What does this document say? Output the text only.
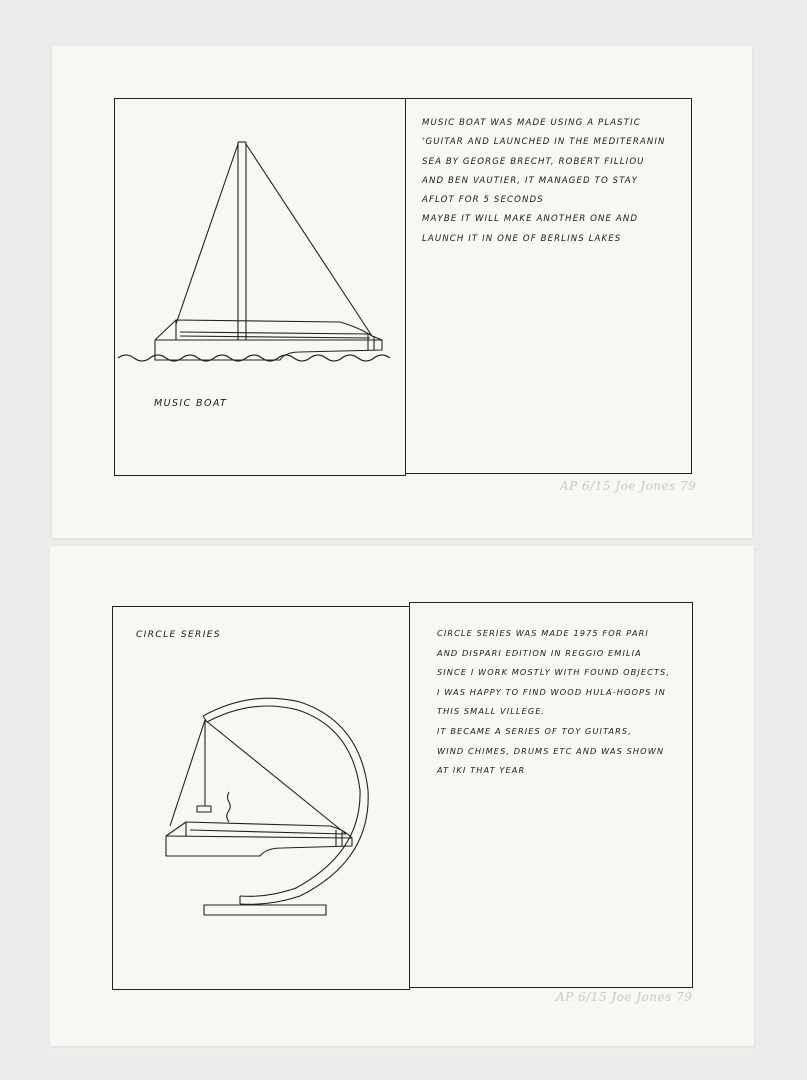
MUSIC BOAT
MUSIC BOAT WAS MADE USING A PLASTIC
'GUITAR AND LAUNCHED IN THE MEDITERANIN
SEA BY GEORGE BRECHT, ROBERT FILLIOU
AND BEN VAUTIER, IT MANAGED TO STAY
AFLOT FOR 5 SECONDS
MAYBE IT WILL MAKE ANOTHER ONE AND
LAUNCH IT IN ONE OF BERLINS LAKES
AP 6/15 Joe Jones 79
CIRCLE SERIES	CIRCLE SERIES WAS MADE 1975 FOR PARI
AND DISPARI EDITION IN REGGIO EMILIA
SINCE I WORK MOSTLY WITH FOUND OBJECTS,
I WAS HAPPY TO FIND WOOD HULA-HOOPS IN
THIS SMALL VILLEGE.
IT BECAME A SERIES OF TOY GUITARS,
WIND CHIMES, DRUMS ETC AND WAS SHOWN
AT IKI THAT YEAR
AP 6/15 Joe Jones 79
